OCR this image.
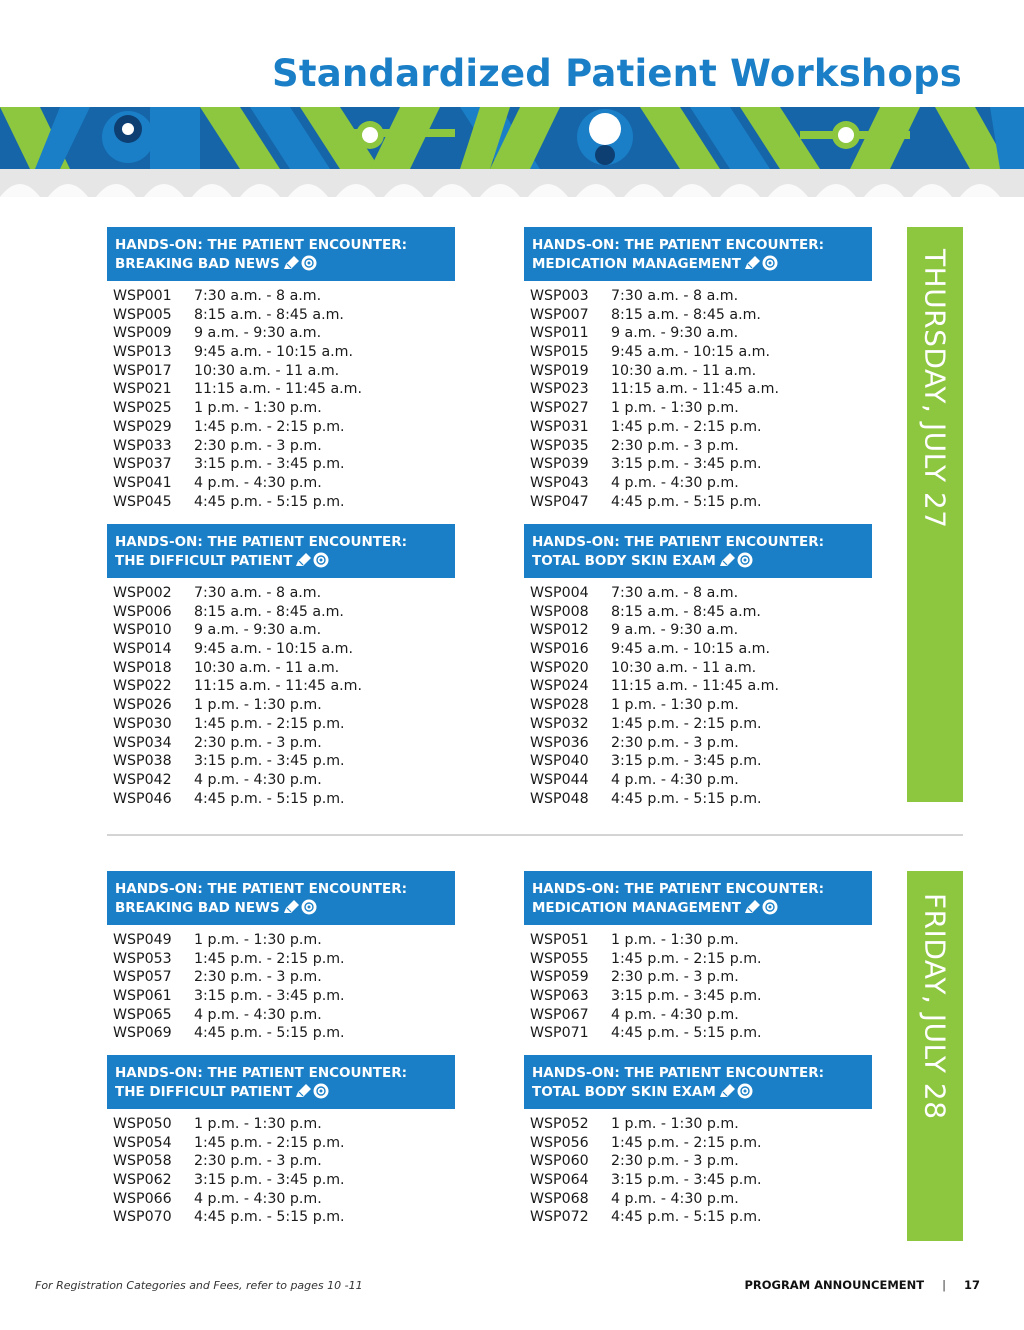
Standardized Patient Workshops
HANDS-ON: THE PATIENT ENCOUNTER:
BREAKING BAD NEWS
WSP001	7:30 a.m. - 8 a.m.
WSP005	8:15 a.m. - 8:45 a.m.
WSP009	9 a.m. - 9:30 a.m.
WSP013	9:45 a.m. - 10:15 a.m.
WSP017	10:30 a.m. - 11 a.m.
WSP021	11:15 a.m. - 11:45 a.m.
WSP025	1 p.m. - 1:30 p.m.
WSP029	1:45 p.m. - 2:15 p.m.
WSP033	2:30 p.m. - 3 p.m.
WSP037	3:15 p.m. - 3:45 p.m.
WSP041	4 p.m. - 4:30 p.m.
WSP045	4:45 p.m. - 5:15 p.m.
HANDS-ON: THE PATIENT ENCOUNTER:
MEDICATION MANAGEMENT
WSP003	7:30 a.m. - 8 a.m.
WSP007	8:15 a.m. - 8:45 a.m.
WSP011	9 a.m. - 9:30 a.m.
WSP015	9:45 a.m. - 10:15 a.m.
WSP019	10:30 a.m. - 11 a.m.
WSP023	11:15 a.m. - 11:45 a.m.
WSP027	1 p.m. - 1:30 p.m.
WSP031	1:45 p.m. - 2:15 p.m.
WSP035	2:30 p.m. - 3 p.m.
WSP039	3:15 p.m. - 3:45 p.m.
WSP043	4 p.m. - 4:30 p.m.
WSP047	4:45 p.m. - 5:15 p.m.
HANDS-ON: THE PATIENT ENCOUNTER:
THE DIFFICULT PATIENT
WSP002	7:30 a.m. - 8 a.m.
WSP006	8:15 a.m. - 8:45 a.m.
WSP010	9 a.m. - 9:30 a.m.
WSP014	9:45 a.m. - 10:15 a.m.
WSP018	10:30 a.m. - 11 a.m.
WSP022	11:15 a.m. - 11:45 a.m.
WSP026	1 p.m. - 1:30 p.m.
WSP030	1:45 p.m. - 2:15 p.m.
WSP034	2:30 p.m. - 3 p.m.
WSP038	3:15 p.m. - 3:45 p.m.
WSP042	4 p.m. - 4:30 p.m.
WSP046	4:45 p.m. - 5:15 p.m.
HANDS-ON: THE PATIENT ENCOUNTER:
TOTAL BODY SKIN EXAM
WSP004	7:30 a.m. - 8 a.m.
WSP008	8:15 a.m. - 8:45 a.m.
WSP012	9 a.m. - 9:30 a.m.
WSP016	9:45 a.m. - 10:15 a.m.
WSP020	10:30 a.m. - 11 a.m.
WSP024	11:15 a.m. - 11:45 a.m.
WSP028	1 p.m. - 1:30 p.m.
WSP032	1:45 p.m. - 2:15 p.m.
WSP036	2:30 p.m. - 3 p.m.
WSP040	3:15 p.m. - 3:45 p.m.
WSP044	4 p.m. - 4:30 p.m.
WSP048	4:45 p.m. - 5:15 p.m.
THURSDAY, JULY 27
HANDS-ON: THE PATIENT ENCOUNTER:
BREAKING BAD NEWS
WSP049	1 p.m. - 1:30 p.m.
WSP053	1:45 p.m. - 2:15 p.m.
WSP057	2:30 p.m. - 3 p.m.
WSP061	3:15 p.m. - 3:45 p.m.
WSP065	4 p.m. - 4:30 p.m.
WSP069	4:45 p.m. - 5:15 p.m.
HANDS-ON: THE PATIENT ENCOUNTER:
MEDICATION MANAGEMENT
WSP051	1 p.m. - 1:30 p.m.
WSP055	1:45 p.m. - 2:15 p.m.
WSP059	2:30 p.m. - 3 p.m.
WSP063	3:15 p.m. - 3:45 p.m.
WSP067	4 p.m. - 4:30 p.m.
WSP071	4:45 p.m. - 5:15 p.m.
HANDS-ON: THE PATIENT ENCOUNTER:
THE DIFFICULT PATIENT
WSP050	1 p.m. - 1:30 p.m.
WSP054	1:45 p.m. - 2:15 p.m.
WSP058	2:30 p.m. - 3 p.m.
WSP062	3:15 p.m. - 3:45 p.m.
WSP066	4 p.m. - 4:30 p.m.
WSP070	4:45 p.m. - 5:15 p.m.
HANDS-ON: THE PATIENT ENCOUNTER:
TOTAL BODY SKIN EXAM
WSP052	1 p.m. - 1:30 p.m.
WSP056	1:45 p.m. - 2:15 p.m.
WSP060	2:30 p.m. - 3 p.m.
WSP064	3:15 p.m. - 3:45 p.m.
WSP068	4 p.m. - 4:30 p.m.
WSP072	4:45 p.m. - 5:15 p.m.
FRIDAY, JULY 28
For Registration Categories and Fees, refer to pages 10 -11	PROGRAM ANNOUNCEMENT | 17
